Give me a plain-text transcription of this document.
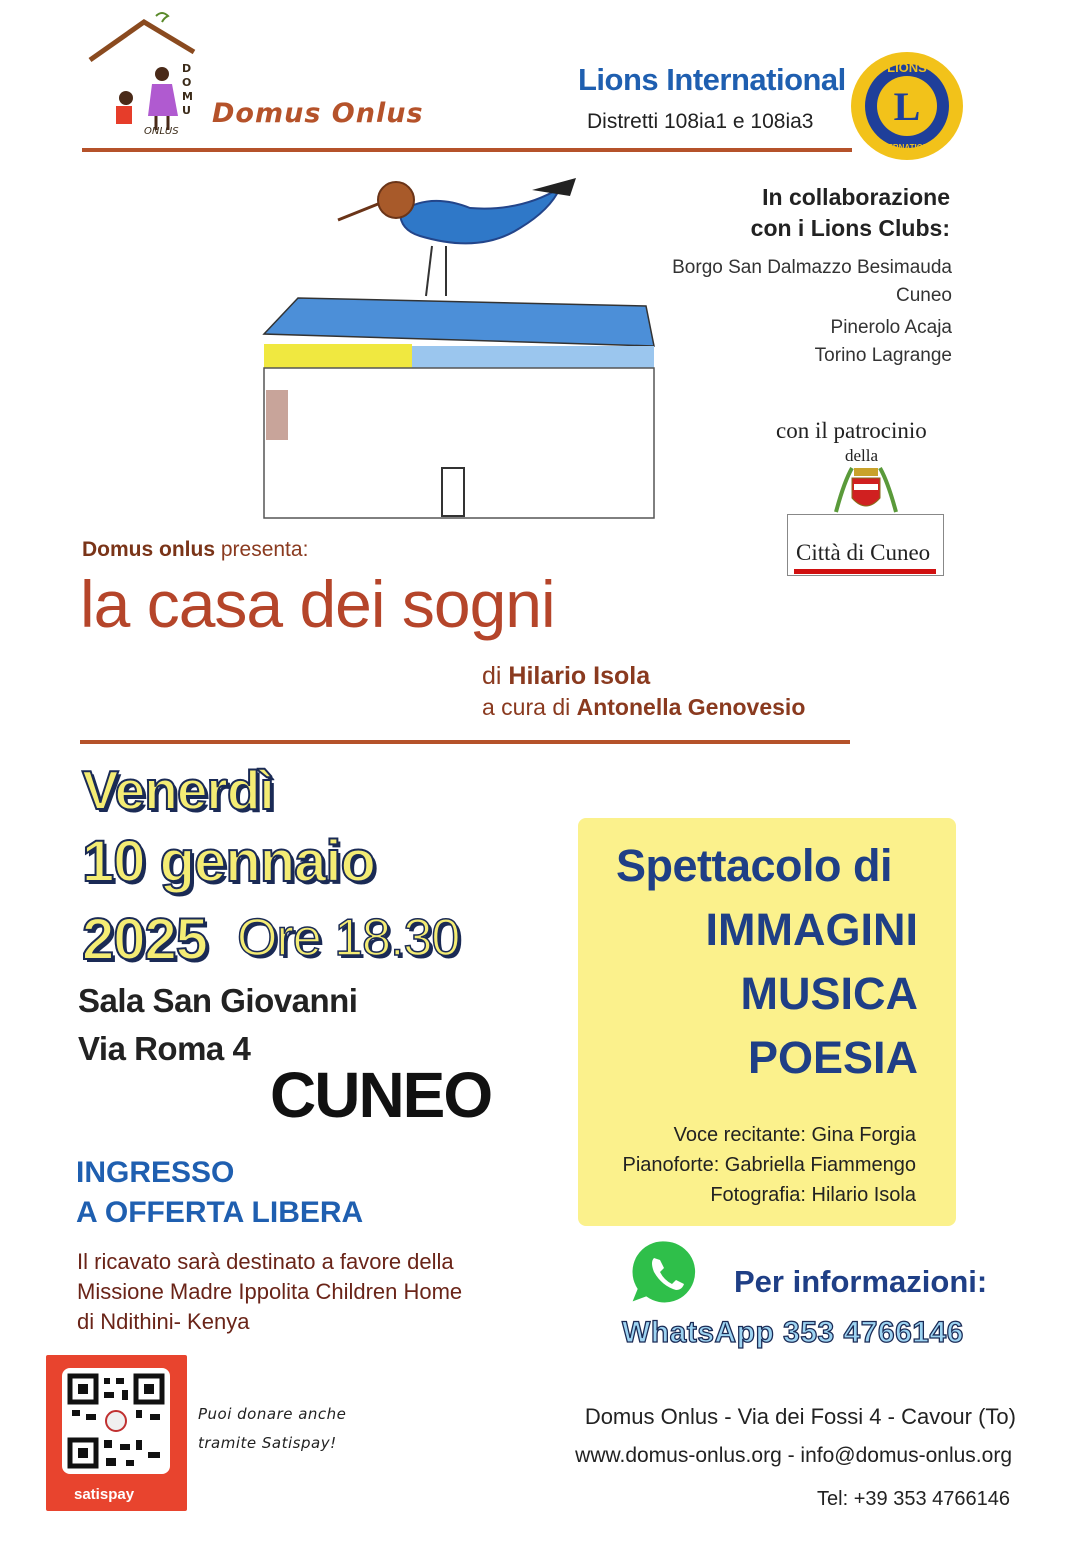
D
O
M
U
ONLUS
Domus Onlus
Lions International
Distretti 108ia1 e 108ia3 L
LIONS
INTERNATIONAL
In collaborazione
con i Lions Clubs:
Borgo San Dalmazzo Besimauda
Cuneo
Pinerolo Acaja
Torino Lagrange
con il patrocinio
della
Città di Cuneo
Domus onlus presenta:
la casa dei sogni
di Hilario Isola
a cura di Antonella Genovesio
Venerdì
10 gennaio
2025 Ore 18.30
Sala San Giovanni
Via Roma 4
CUNEO
INGRESSO
A OFFERTA LIBERA
Il ricavato sarà destinato a favore della
Missione Madre Ippolita Children Home
di Ndithini- Kenya
satispay
Puoi donare anche
tramite Satispay!
Spettacolo di
IMMAGINI
MUSICA
POESIA
Voce recitante: Gina Forgia
Pianoforte: Gabriella Fiammengo
Fotografia: Hilario Isola
Per informazioni:
WhatsApp 353 4766146
Domus Onlus - Via dei Fossi 4 - Cavour (To)
www.domus-onlus.org - info@domus-onlus.org
Tel: +39 353 4766146
